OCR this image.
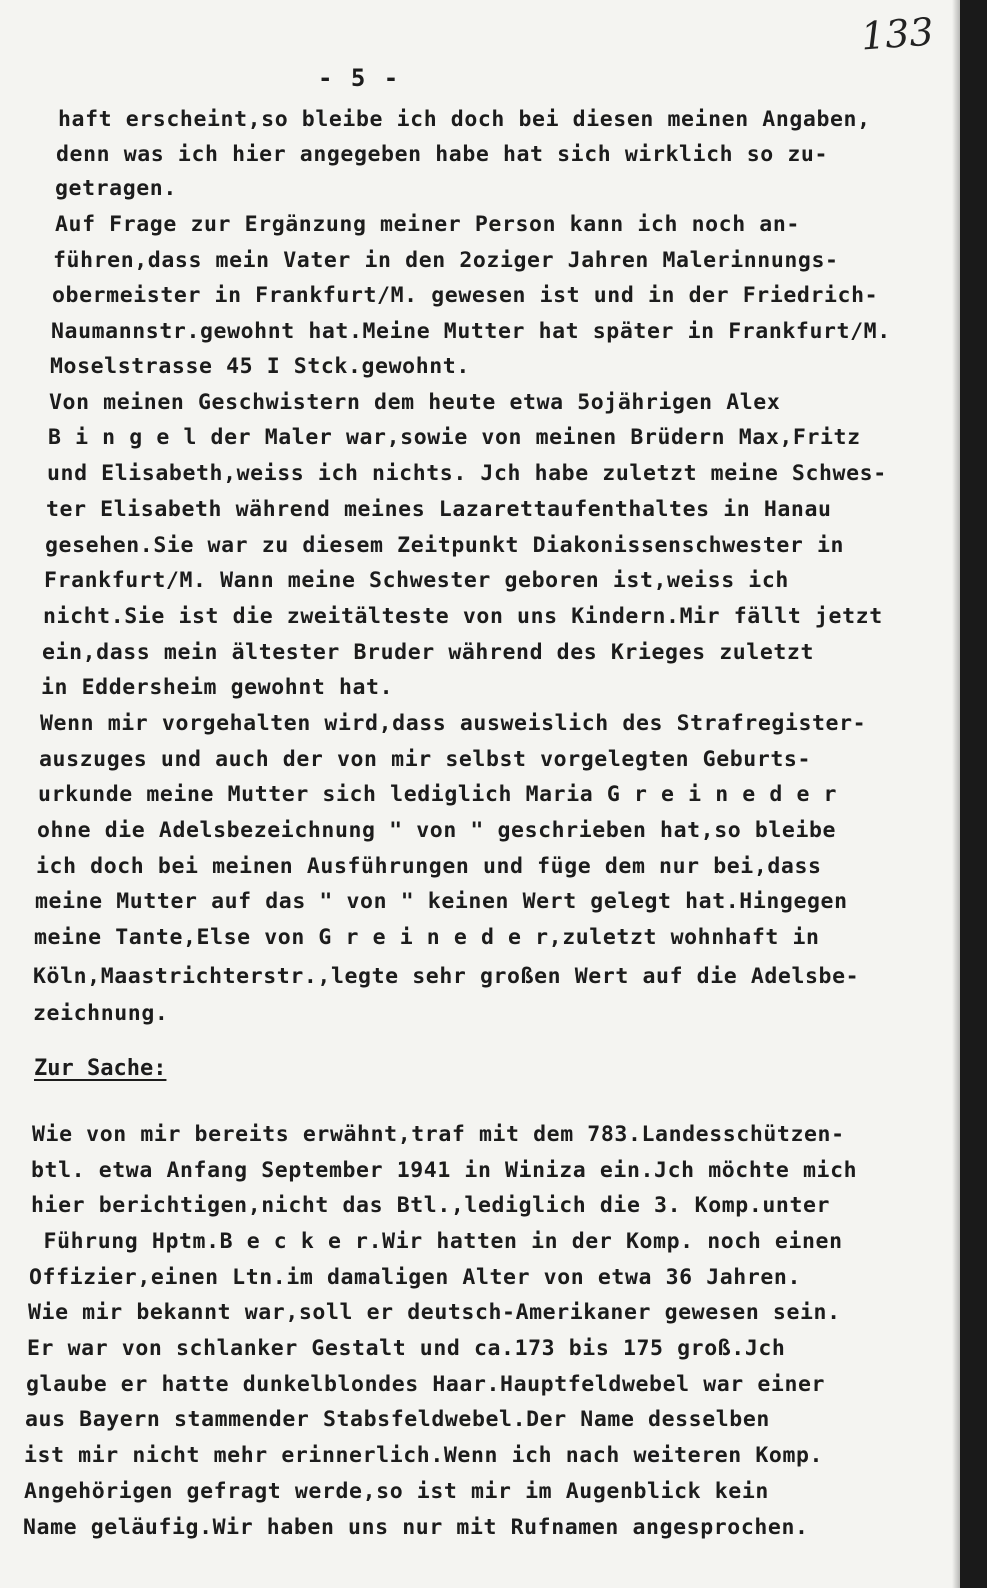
133
- 5 -
haft erscheint,so bleibe ich doch bei diesen meinen Angaben,
denn was ich hier angegeben habe hat sich wirklich so zu-
getragen.
Auf Frage zur Ergänzung meiner Person kann ich noch an-
führen,dass mein Vater in den 2oziger Jahren Malerinnungs-
obermeister in Frankfurt/M. gewesen ist und in der Friedrich-
Naumannstr.gewohnt hat.Meine Mutter hat später in Frankfurt/M.
Moselstrasse 45 I Stck.gewohnt.
Von meinen Geschwistern dem heute etwa 5ojährigen Alex
B i n g e l der Maler war,sowie von meinen Brüdern Max,Fritz
und Elisabeth,weiss ich nichts. Jch habe zuletzt meine Schwes-
ter Elisabeth während meines Lazarettaufenthaltes in Hanau
gesehen.Sie war zu diesem Zeitpunkt Diakonissenschwester in
Frankfurt/M. Wann meine Schwester geboren ist,weiss ich
nicht.Sie ist die zweitälteste von uns Kindern.Mir fällt jetzt
ein,dass mein ältester Bruder während des Krieges zuletzt
in Eddersheim gewohnt hat.
Wenn mir vorgehalten wird,dass ausweislich des Strafregister-
auszuges und auch der von mir selbst vorgelegten Geburts-
urkunde meine Mutter sich lediglich Maria G r e i n e d e r
ohne die Adelsbezeichnung " von " geschrieben hat,so bleibe
ich doch bei meinen Ausführungen und füge dem nur bei,dass
meine Mutter auf das " von " keinen Wert gelegt hat.Hingegen
meine Tante,Else von G r e i n e d e r,zuletzt wohnhaft in
Köln,Maastrichterstr.,legte sehr großen Wert auf die Adelsbe-
zeichnung.
Zur Sache:
Wie von mir bereits erwähnt,traf mit dem 783.Landesschützen-
btl. etwa Anfang September 1941 in Winiza ein.Jch möchte mich
hier berichtigen,nicht das Btl.,lediglich die 3. Komp.unter
Führung Hptm.B e c k e r.Wir hatten in der Komp. noch einen
Offizier,einen Ltn.im damaligen Alter von etwa 36 Jahren.
Wie mir bekannt war,soll er deutsch-Amerikaner gewesen sein.
Er war von schlanker Gestalt und ca.173 bis 175 groß.Jch
glaube er hatte dunkelblondes Haar.Hauptfeldwebel war einer
aus Bayern stammender Stabsfeldwebel.Der Name desselben
ist mir nicht mehr erinnerlich.Wenn ich nach weiteren Komp.
Angehörigen gefragt werde,so ist mir im Augenblick kein
Name geläufig.Wir haben uns nur mit Rufnamen angesprochen.
